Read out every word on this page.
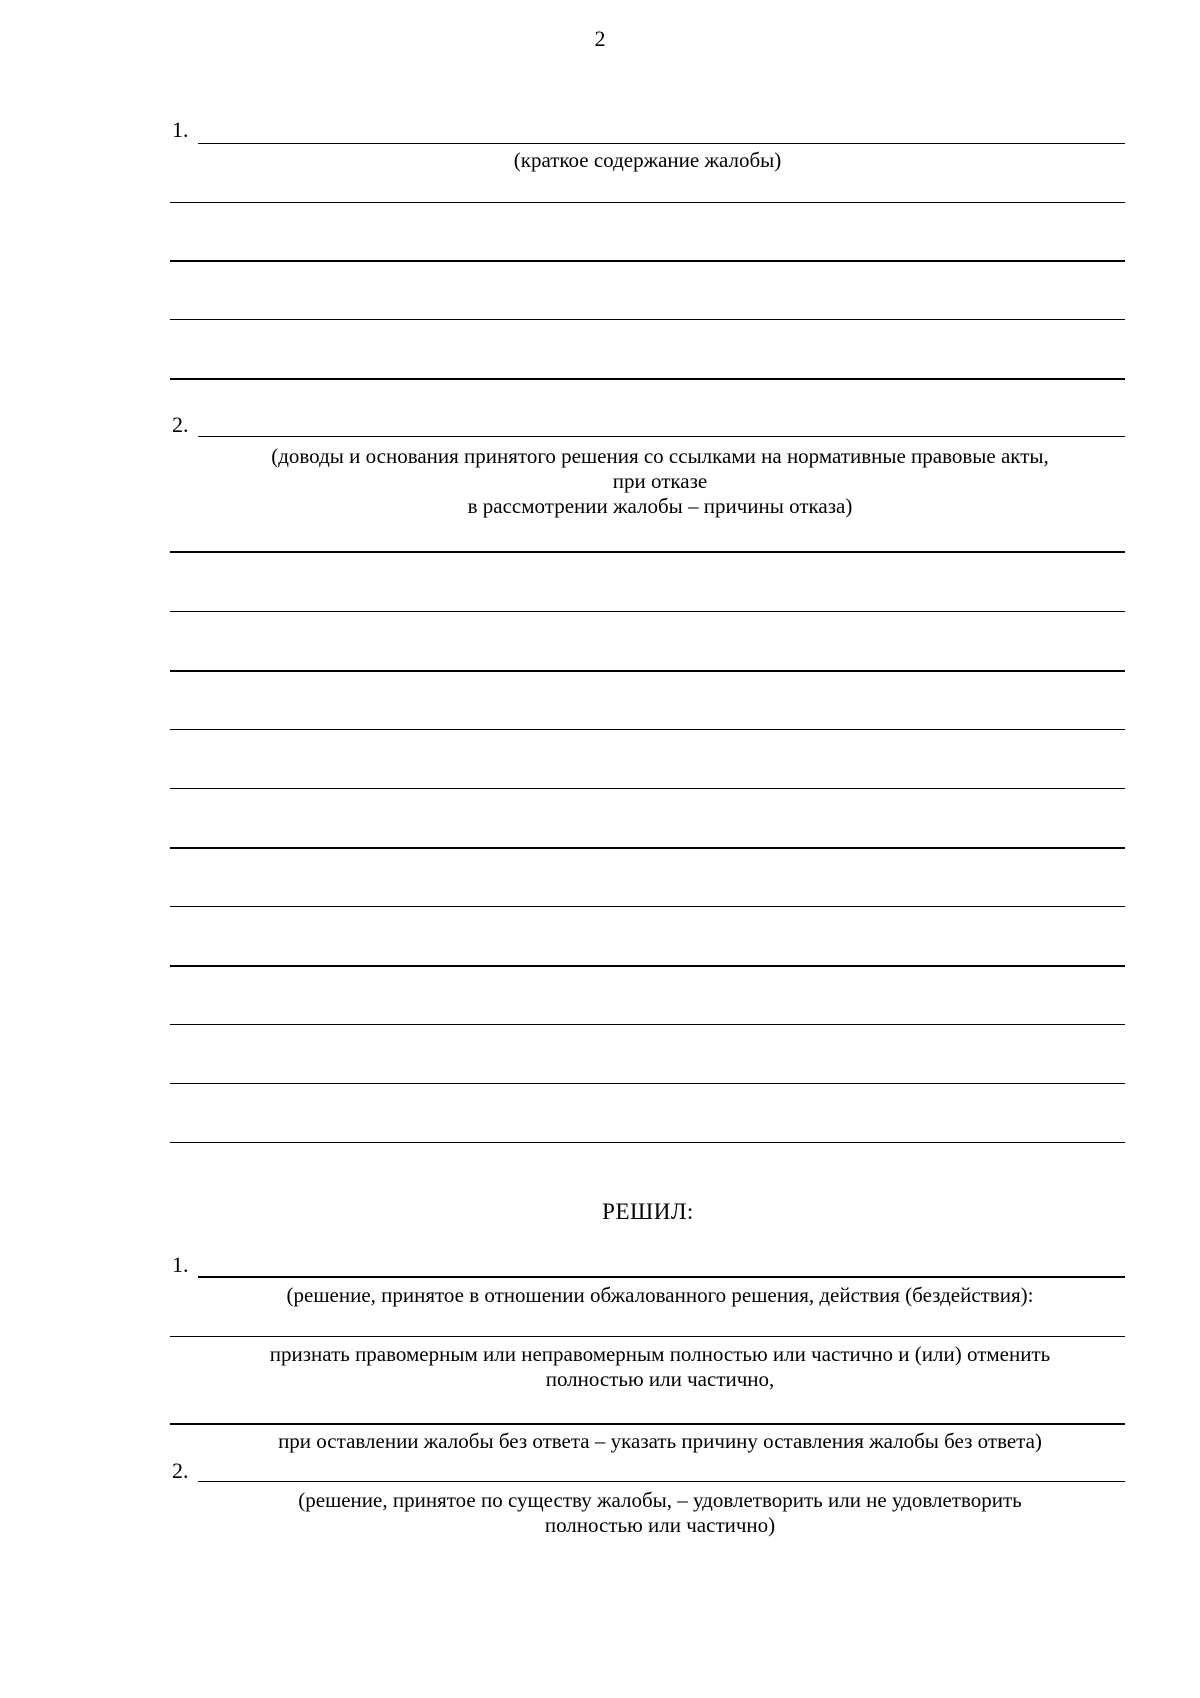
2
1.
(краткое содержание жалобы)
2.
(доводы и основания принятого решения со ссылками на нормативные правовые акты,
при отказе
в рассмотрении жалобы – причины отказа)
РЕШИЛ:
1.
(решение, принятое в отношении обжалованного решения, действия (бездействия):
признать правомерным или неправомерным полностью или частично и (или) отменить
полностью или частично,
при оставлении жалобы без ответа – указать причину оставления жалобы без ответа)
2.
(решение, принятое по существу жалобы, – удовлетворить или не удовлетворить
полностью или частично)
